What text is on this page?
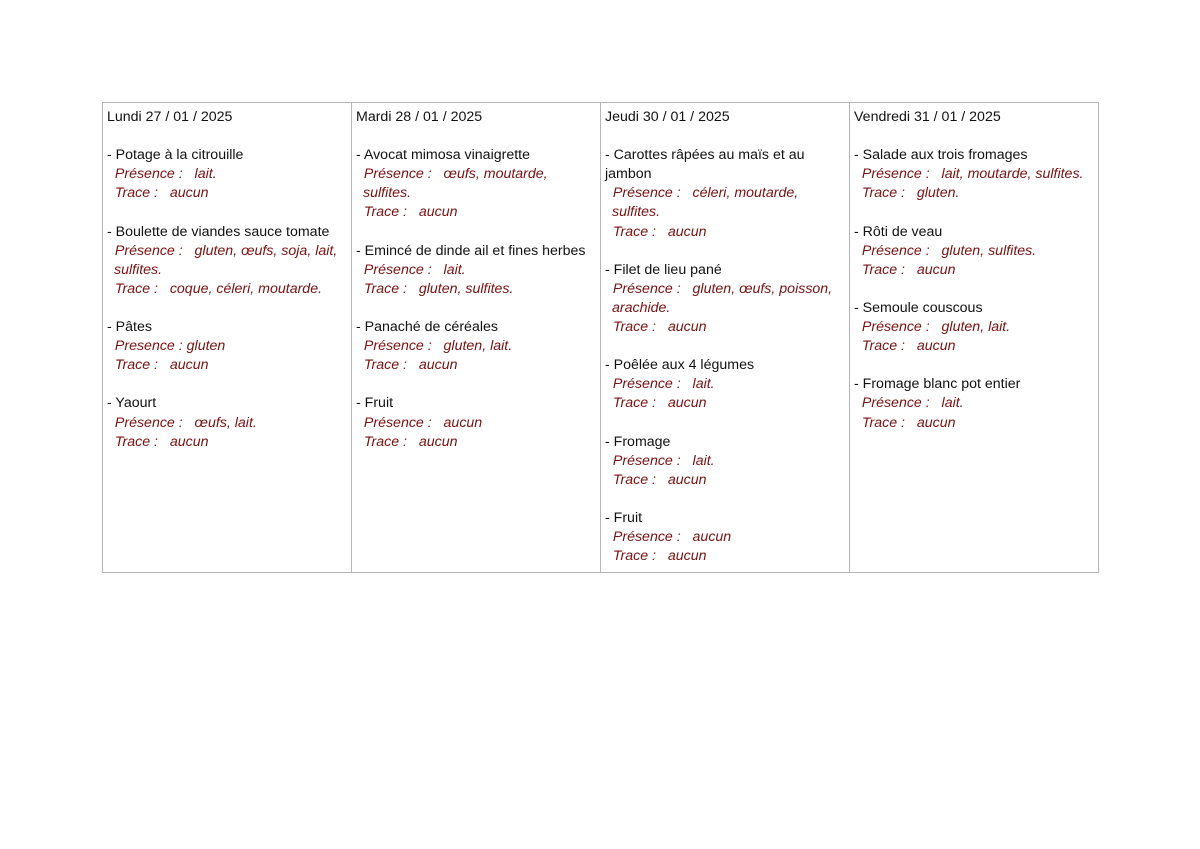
Lundi 27 / 01 / 2025
- Potage à la citrouille
Présence : lait.
Trace : aucun
- Boulette de viandes sauce tomate
Présence : gluten, œufs, soja, lait, sulfites.
Trace : coque, céleri, moutarde.
- Pâtes
Presence : gluten
Trace : aucun
- Yaourt
Présence : œufs, lait.
Trace : aucun

Mardi 28 / 01 / 2025
- Avocat mimosa vinaigrette
Présence : œufs, moutarde, sulfites.
Trace : aucun
- Emincé de dinde ail et fines herbes
Présence : lait.
Trace : gluten, sulfites.
- Panaché de céréales
Présence : gluten, lait.
Trace : aucun
- Fruit
Présence : aucun
Trace : aucun

Jeudi 30 / 01 / 2025
- Carottes râpées au maïs et au jambon
Présence : céleri, moutarde, sulfites.
Trace : aucun
- Filet de lieu pané
Présence : gluten, œufs, poisson, arachide.
Trace : aucun
- Poêlée aux 4 légumes
Présence : lait.
Trace : aucun
- Fromage
Présence : lait.
Trace : aucun
- Fruit
Présence : aucun
Trace : aucun

Vendredi 31 / 01 / 2025
- Salade aux trois fromages
Présence : lait, moutarde, sulfites.
Trace : gluten.
- Rôti de veau
Présence : gluten, sulfites.
Trace : aucun
- Semoule couscous
Présence : gluten, lait.
Trace : aucun
- Fromage blanc pot entier
Présence : lait.
Trace : aucun
